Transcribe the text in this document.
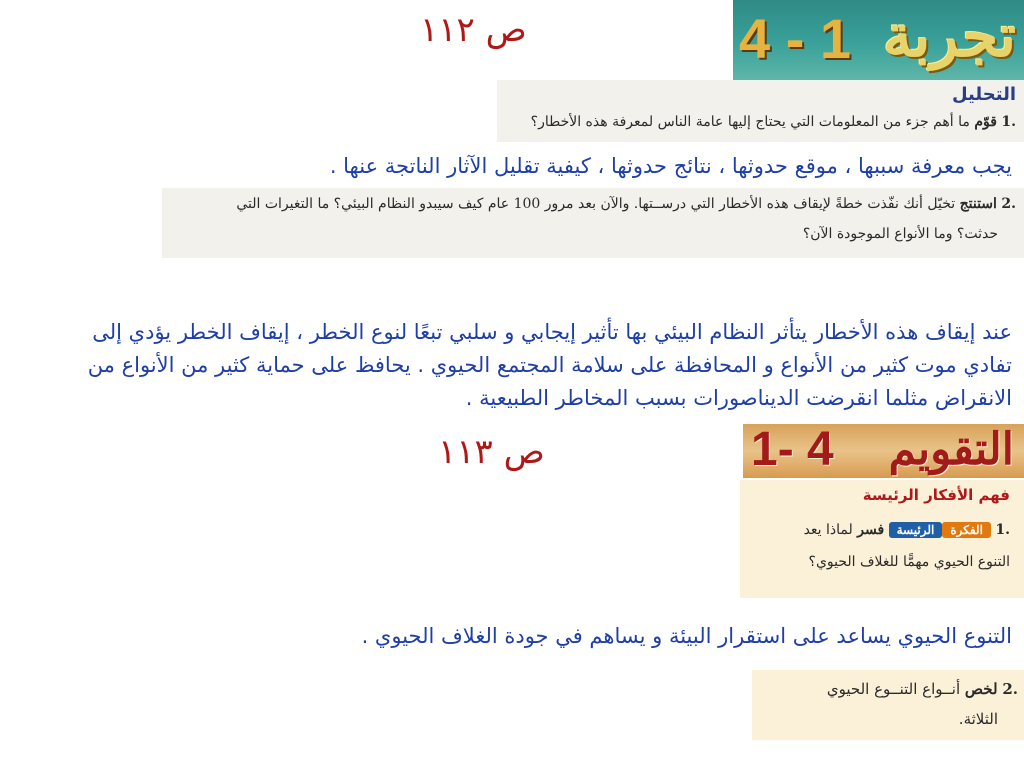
ص ١١٢	4 - 1 تجربة
التحليل
.1 قوّم ما أهم جزء من المعلومات التي يحتاج إليها عامة الناس لمعرفة هذه الأخطار؟
يجب معرفة سببها ، موقع حدوثها ، نتائج حدوثها ، كيفية تقليل الآثار الناتجة عنها .
.2 استنتج تخيّل أنك نفّذت خطةً لإيقاف هذه الأخطار التي درســتها. والآن بعد مرور 100 عام كيف سيبدو النظام البيئي؟ ما التغيرات التي
حدثت؟ وما الأنواع الموجودة الآن؟
عند إيقاف هذه الأخطار يتأثر النظام البيئي بها تأثير إيجابي و سلبي تبعًا لنوع الخطر ، إيقاف الخطر يؤدي إلى
تفادي موت كثير من الأنواع و المحافظة على سلامة المجتمع الحيوي . يحافظ على حماية كثير من الأنواع من
الانقراض مثلما انقرضت الديناصورات بسبب المخاطر الطبيعية .
ص ١١٣	1- 4 التقويم
فهم الأفكار الرئيسة
.1 الفكرةالرئيسة فسر لماذا يعد
التنوع الحيوي مهمًّا للغلاف الحيوي؟
التنوع الحيوي يساعد على استقرار البيئة و يساهم في جودة الغلاف الحيوي .
.2 لخص أنــواع التنــوع الحيوي
الثلاثة.
